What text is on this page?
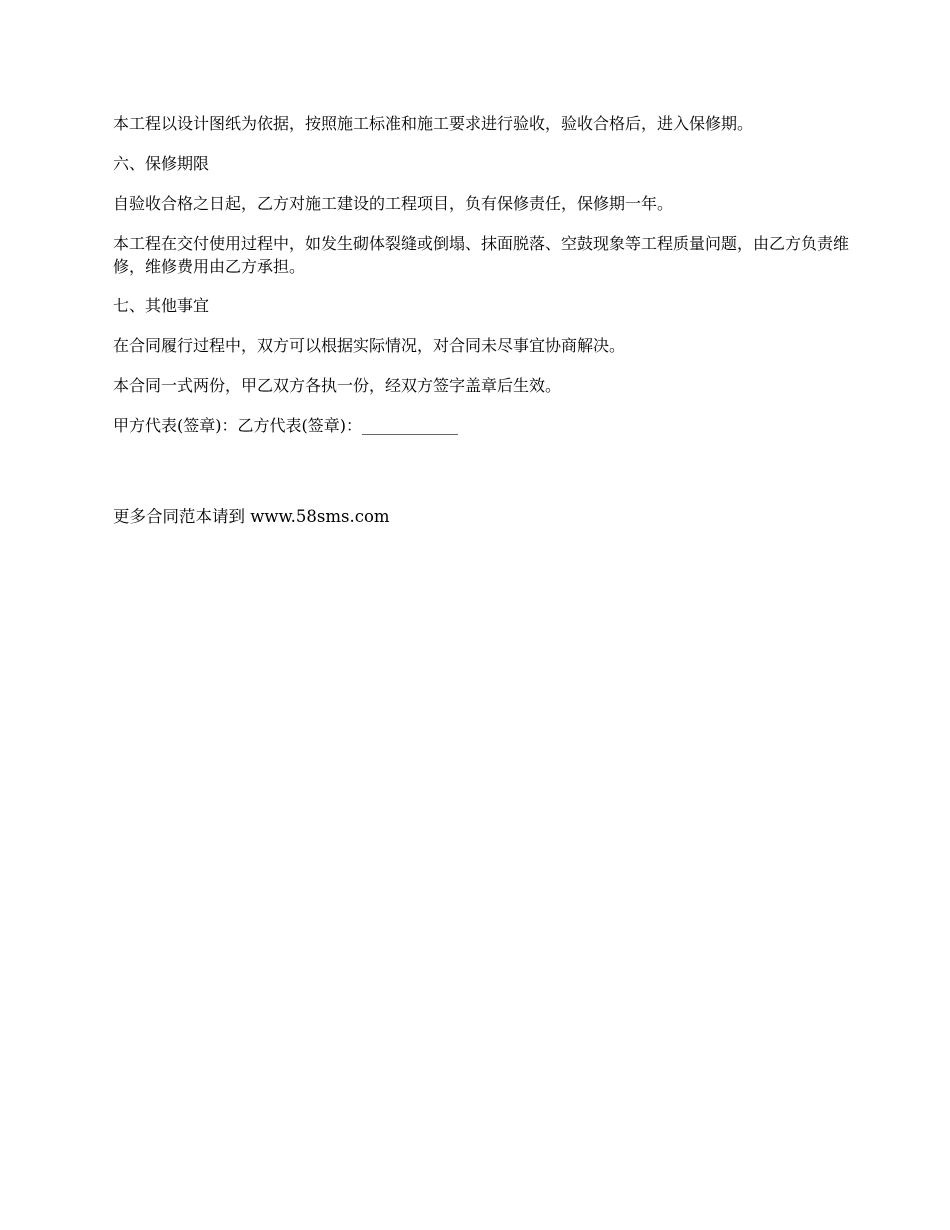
本工程以设计图纸为依据，按照施工标准和施工要求进行验收，验收合格后，进入保修期。

六、保修期限

自验收合格之日起，乙方对施工建设的工程项目，负有保修责任，保修期一年。

本工程在交付使用过程中，如发生砌体裂缝或倒塌、抹面脱落、空鼓现象等工程质量问题，由乙方负责维修，维修费用由乙方承担。

七、其他事宜

在合同履行过程中，双方可以根据实际情况，对合同未尽事宜协商解决。

本合同一式两份，甲乙双方各执一份，经双方签字盖章后生效。

甲方代表(签章)：乙方代表(签章)：____________

更多合同范本请到 www.58sms.com
